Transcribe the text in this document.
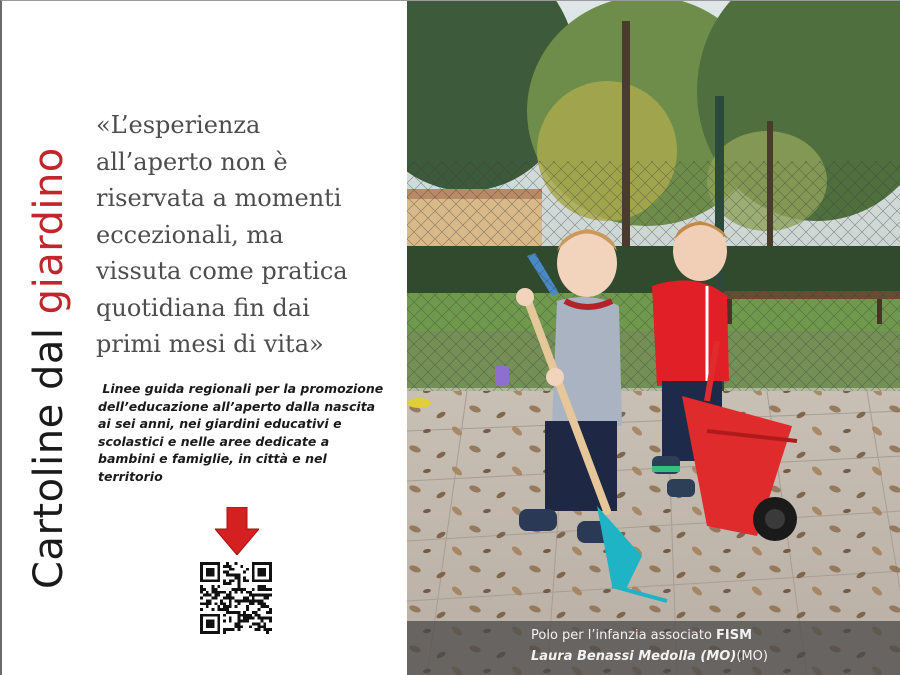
Cartoline dal giardino
«L’esperienza
all’aperto non è
riservata a momenti
eccezionali, ma
vissuta come pratica
quotidiana fin dai
primi mesi di vita»
Linee guida regionali per la promozione
dell’educazione all’aperto dalla nascita
ai sei anni, nei giardini educativi e
scolastici e nelle aree dedicate a
bambini e famiglie, in città e nel
territorio
Polo per l’infanzia associato FISM
Laura Benassi Medolla (MO)(MO)
